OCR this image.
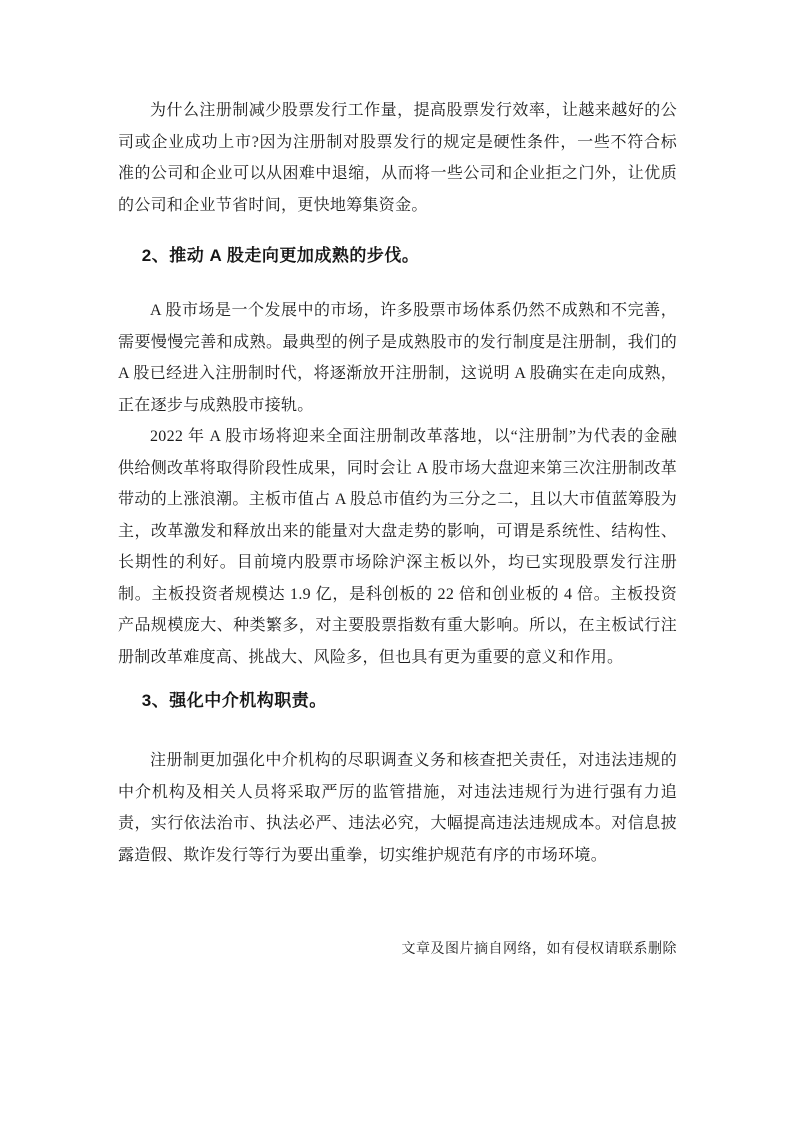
为什么注册制减少股票发行工作量，提高股票发行效率，让越来越好的公司或企业成功上市?因为注册制对股票发行的规定是硬性条件，一些不符合标准的公司和企业可以从困难中退缩，从而将一些公司和企业拒之门外，让优质的公司和企业节省时间，更快地筹集资金。

2、推动 A 股走向更加成熟的步伐。

A 股市场是一个发展中的市场，许多股票市场体系仍然不成熟和不完善，需要慢慢完善和成熟。最典型的例子是成熟股市的发行制度是注册制，我们的 A 股已经进入注册制时代，将逐渐放开注册制，这说明 A 股确实在走向成熟，正在逐步与成熟股市接轨。

2022 年 A 股市场将迎来全面注册制改革落地，以“注册制”为代表的金融供给侧改革将取得阶段性成果，同时会让 A 股市场大盘迎来第三次注册制改革带动的上涨浪潮。主板市值占 A 股总市值约为三分之二，且以大市值蓝筹股为主，改革激发和释放出来的能量对大盘走势的影响，可谓是系统性、结构性、长期性的利好。目前境内股票市场除沪深主板以外，均已实现股票发行注册制。主板投资者规模达 1.9 亿，是科创板的 22 倍和创业板的 4 倍。主板投资产品规模庞大、种类繁多，对主要股票指数有重大影响。所以，在主板试行注册制改革难度高、挑战大、风险多，但也具有更为重要的意义和作用。

3、强化中介机构职责。

注册制更加强化中介机构的尽职调查义务和核查把关责任，对违法违规的中介机构及相关人员将采取严厉的监管措施，对违法违规行为进行强有力追责，实行依法治市、执法必严、违法必究，大幅提高违法违规成本。对信息披露造假、欺诈发行等行为要出重拳，切实维护规范有序的市场环境。

文章及图片摘自网络，如有侵权请联系删除
